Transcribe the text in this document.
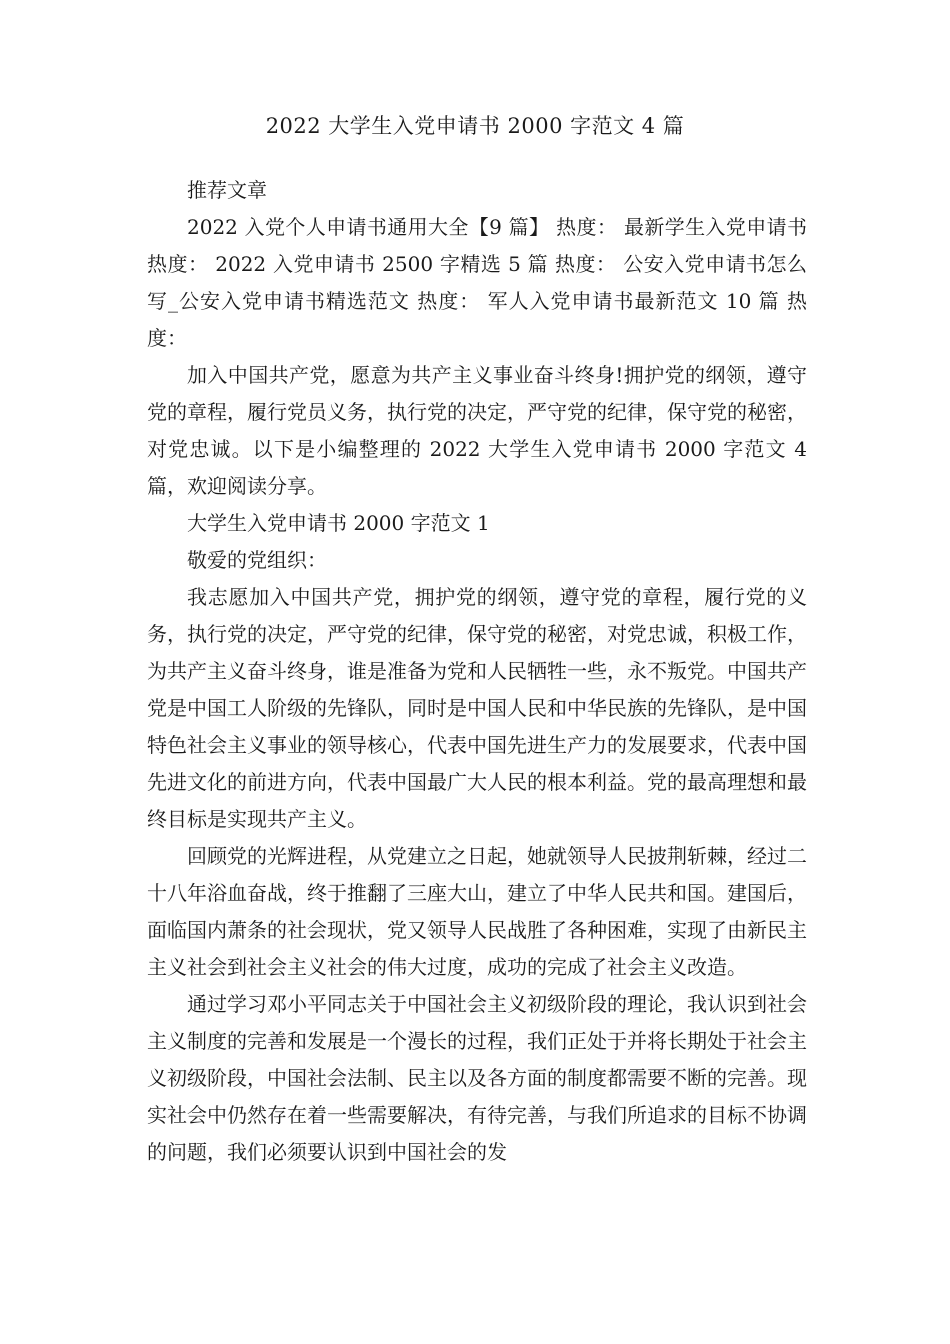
2022 大学生入党申请书 2000 字范文 4 篇

推荐文章

2022 入党个人申请书通用大全【9 篇】 热度： 最新学生入党申请书 热度： 2022 入党申请书 2500 字精选 5 篇 热度： 公安入党申请书怎么写_公安入党申请书精选范文 热度： 军人入党申请书最新范文 10 篇 热度：

加入中国共产党，愿意为共产主义事业奋斗终身!拥护党的纲领，遵守党的章程，履行党员义务，执行党的决定，严守党的纪律，保守党的秘密，对党忠诚。以下是小编整理的 2022 大学生入党申请书 2000 字范文 4 篇，欢迎阅读分享。

大学生入党申请书 2000 字范文 1

敬爱的党组织：

我志愿加入中国共产党，拥护党的纲领，遵守党的章程，履行党的义务，执行党的决定，严守党的纪律，保守党的秘密，对党忠诚，积极工作，为共产主义奋斗终身，谁是准备为党和人民牺牲一些，永不叛党。中国共产党是中国工人阶级的先锋队，同时是中国人民和中华民族的先锋队，是中国特色社会主义事业的领导核心，代表中国先进生产力的发展要求，代表中国先进文化的前进方向，代表中国最广大人民的根本利益。党的最高理想和最终目标是实现共产主义。

回顾党的光辉进程，从党建立之日起，她就领导人民披荆斩棘，经过二十八年浴血奋战，终于推翻了三座大山，建立了中华人民共和国。建国后，面临国内萧条的社会现状，党又领导人民战胜了各种困难，实现了由新民主主义社会到社会主义社会的伟大过度，成功的完成了社会主义改造。

通过学习邓小平同志关于中国社会主义初级阶段的理论，我认识到社会主义制度的完善和发展是一个漫长的过程，我们正处于并将长期处于社会主义初级阶段，中国社会法制、民主以及各方面的制度都需要不断的完善。现实社会中仍然存在着一些需要解决，有待完善，与我们所追求的目标不协调的问题，我们必须要认识到中国社会的发
